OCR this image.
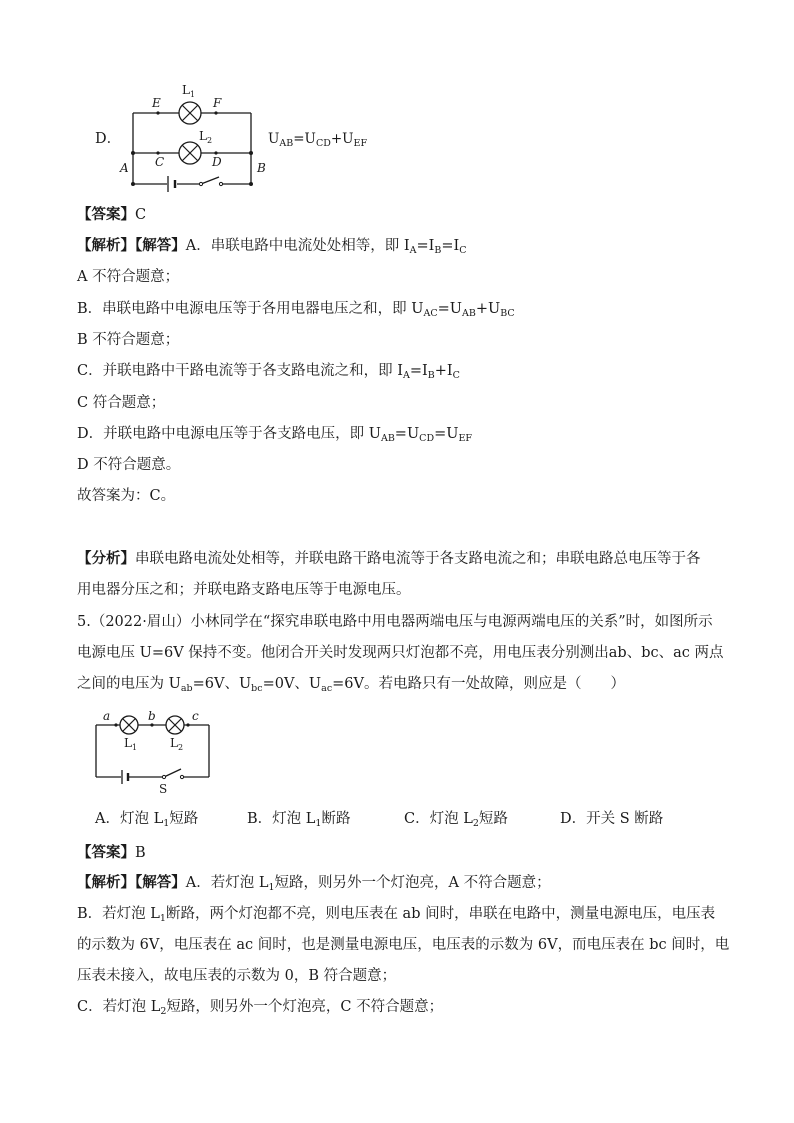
D．
$L_1$
$L_2$
E	F
C	D
A	B
$U_{AB}=U_{CD}+U_{EF}$
【答案】C
【解析】【解答】A．串联电路中电流处处相等，即 $I_A=I_B=I_C$
A 不符合题意；
B．串联电路中电源电压等于各用电器电压之和，即 $U_{AC}=U_{AB}+U_{BC}$
B 不符合题意；
C．并联电路中干路电流等于各支路电流之和，即 $I_A=I_B+I_C$
C 符合题意；
D．并联电路中电源电压等于各支路电压，即 $U_{AB}=U_{CD}=U_{EF}$
D 不符合题意。
故答案为：C。
【分析】串联电路电流处处相等，并联电路干路电流等于各支路电流之和；串联电路总电压等于各
用电器分压之和；并联电路支路电压等于电源电压。
5.（2022·眉山）小林同学在“探究串联电路中用电器两端电压与电源两端电压的关系”时，如图所示
电源电压 U=6V 保持不变。他闭合开关时发现两只灯泡都不亮，用电压表分别测出ab、bc、ac 两点
之间的电压为 $U_{ab}=6V$、$U_{bc}=0V$、$U_{ac}=6V$。若电路只有一处故障，则应是（　　）
a	b	c
$L_1$	$L_2$
S
A．灯泡 $L_1$短路	B．灯泡 $L_1$断路	C．灯泡 $L_2$短路	D．开关 S 断路
【答案】B
【解析】【解答】A．若灯泡 $L_1$短路，则另外一个灯泡亮，A 不符合题意；
B．若灯泡 $L_1$断路，两个灯泡都不亮，则电压表在 ab 间时，串联在电路中，测量电源电压，电压表
的示数为 6V，电压表在 ac 间时，也是测量电源电压，电压表的示数为 6V，而电压表在 bc 间时，电
压表未接入，故电压表的示数为 0，B 符合题意；
C．若灯泡 $L_2$短路，则另外一个灯泡亮，C 不符合题意；
